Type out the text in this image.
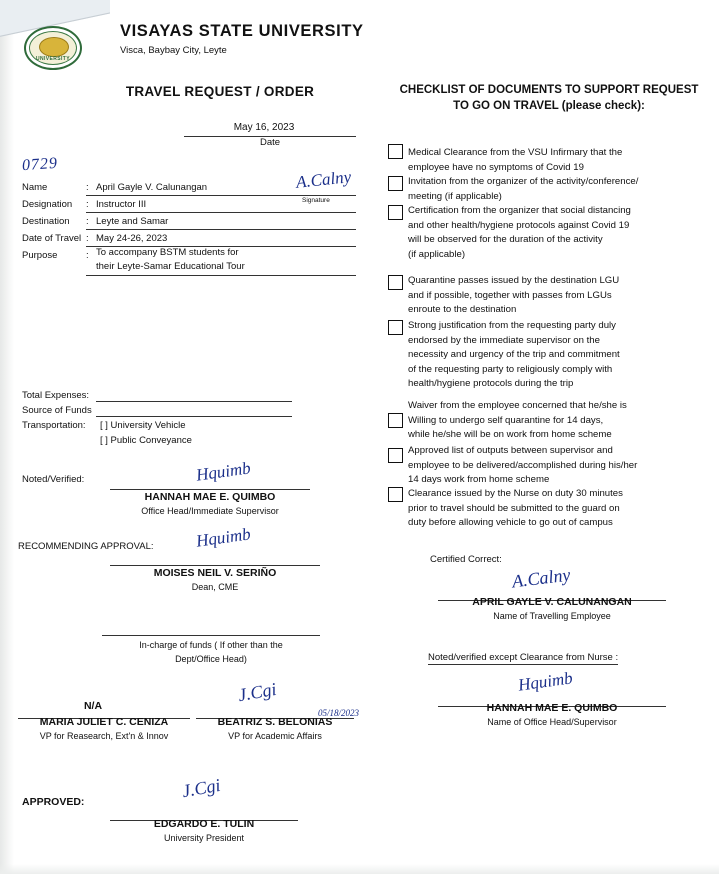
UNIVERSITY
VISAYAS STATE UNIVERSITY
Visca, Baybay City, Leyte
TRAVEL REQUEST / ORDER
May 16, 2023
Date
0729
Name	: April Gayle V. Calunangan
Designation : Instructor III
Destination : Leyte and Samar
Date of Travel : May 24-26, 2023
Purpose	: To accompany BSTM students for
their Leyte-Samar Educational Tour
A.Calny
Signature
Total Expenses:
Source of Funds
Transportation: [ ] University Vehicle
[ ] Public Conveyance
Noted/Verified:	Hquimb
HANNAH MAE E. QUIMBO
Office Head/Immediate Supervisor
RECOMMENDING APPROVAL: Hquimb
MOISES NEIL V. SERIÑO
Dean, CME
In-charge of funds ( If other than the
Dept/Office Head)
N/A
MARIA JULIET C. CENIZA
VP for Reasearch, Ext'n & Innov
J.Cgi
05/18/2023
BEATRIZ S. BELONIAS
VP for Academic Affairs
APPROVED:
J.Cgi
EDGARDO E. TULIN
University President
CHECKLIST OF DOCUMENTS TO SUPPORT REQUEST
TO GO ON TRAVEL (please check):
Medical Clearance from the VSU Infirmary that the
employee have no symptoms of Covid 19
Invitation from the organizer of the activity/conference/
meeting (if applicable)
Certification from the organizer that social distancing
and other health/hygiene protocols against Covid 19
will be observed for the duration of the activity
(if applicable)
Quarantine passes issued by the destination LGU
and if possible, together with passes from LGUs
enroute to the destination
Strong justification from the requesting party duly
endorsed by the immediate supervisor on the
necessity and urgency of the trip and commitment
of the requesting party to religiously comply with
health/hygiene protocols during the trip
Waiver from the employee concerned that he/she is
Willing to undergo self quarantine for 14 days,
while he/she will be on work from home scheme
Approved list of outputs between supervisor and
employee to be delivered/accomplished during his/her
14 days work from home scheme
Clearance issued by the Nurse on duty 30 minutes
prior to travel should be submitted to the guard on
duty before allowing vehicle to go out of campus
Certified Correct:
A.Calny
APRIL GAYLE V. CALUNANGAN
Name of Travelling Employee
Noted/verified except Clearance from Nurse :
Hquimb
HANNAH MAE E. QUIMBO
Name of Office Head/Supervisor
